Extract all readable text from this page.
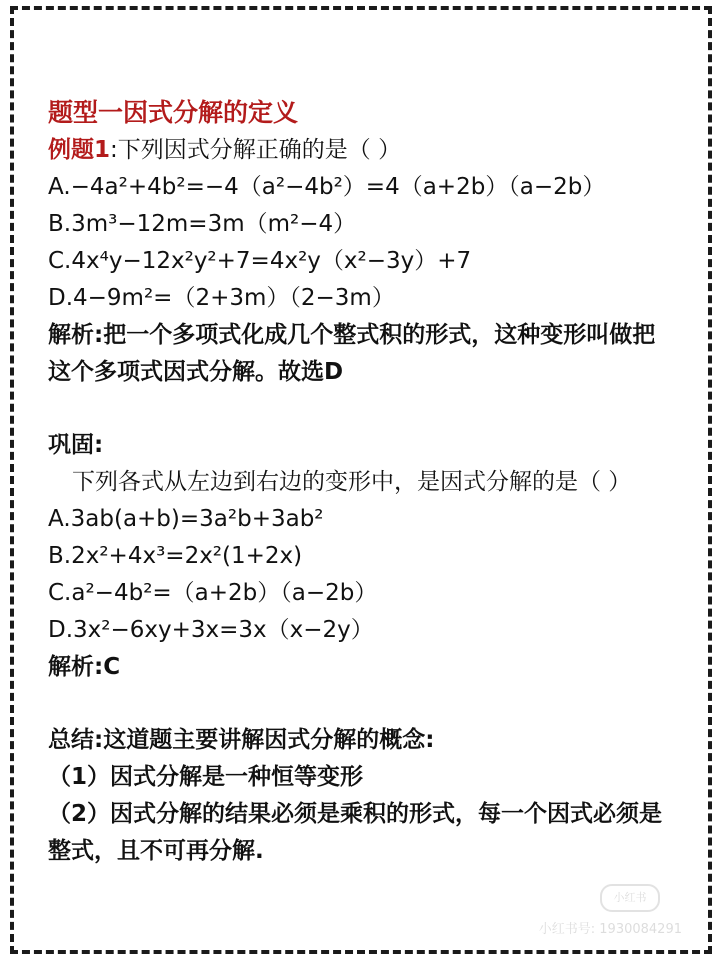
题型一因式分解的定义
例题1:下列因式分解正确的是（ ）
A.−4a²+4b²=−4（a²−4b²）=4（a+2b）（a−2b）
B.3m³−12m=3m（m²−4）
C.4x⁴y−12x²y²+7=4x²y（x²−3y）+7
D.4−9m²=（2+3m）（2−3m）
解析:把一个多项式化成几个整式积的形式，这种变形叫做把这个多项式因式分解。故选D
巩固:
下列各式从左边到右边的变形中，是因式分解的是（ ）
A.3ab(a+b)=3a²b+3ab²
B.2x²+4x³=2x²(1+2x)
C.a²−4b²=（a+2b）（a−2b）
D.3x²−6xy+3x=3x（x−2y）
解析:C
总结:这道题主要讲解因式分解的概念:
（1）因式分解是一种恒等变形
（2）因式分解的结果必须是乘积的形式，每一个因式必须是整式，且不可再分解.
小红书
小红书号: 1930084291
